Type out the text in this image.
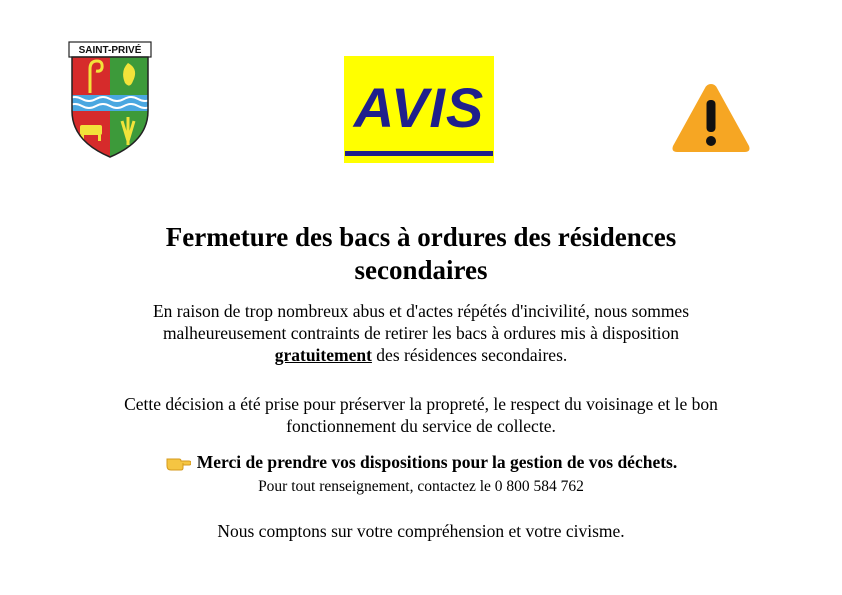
SAINT-PRIVÉ
AVIS
Fermeture des bacs à ordures des résidences
secondaires
En raison de trop nombreux abus et d'actes répétés d'incivilité, nous sommes
malheureusement contraints de retirer les bacs à ordures mis à disposition
gratuitement des résidences secondaires.
Cette décision a été prise pour préserver la propreté, le respect du voisinage et le bon
fonctionnement du service de collecte.
Merci de prendre vos dispositions pour la gestion de vos déchets.
Pour tout renseignement, contactez le 0 800 584 762
Nous comptons sur votre compréhension et votre civisme.
